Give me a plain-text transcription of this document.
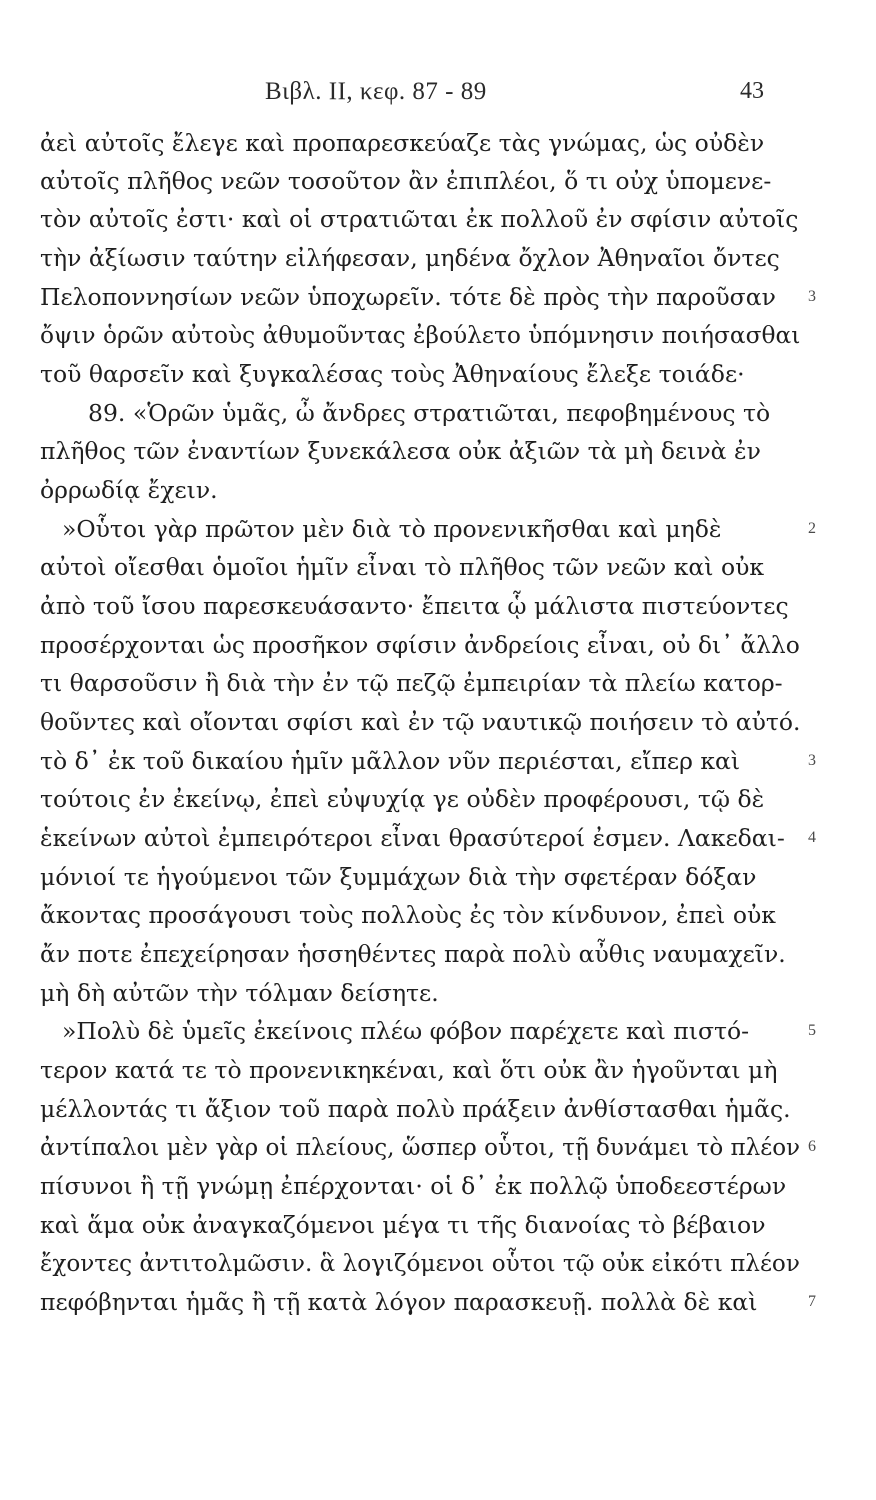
Βιβλ. ΙΙ, κεφ. 87 - 89	43
ἀεὶ αὐτοῖς ἔλεγε καὶ προπαρεσκεύαζε τὰς γνώμας, ὡς οὐδὲν
αὐτοῖς πλῆθος νεῶν τοσοῦτον ἂν ἐπιπλέοι, ὅ τι οὐχ ὑπομενε-
τὸν αὐτοῖς ἐστι· καὶ οἱ στρατιῶται ἐκ πολλοῦ ἐν σφίσιν αὐτοῖς
τὴν ἀξίωσιν ταύτην εἰλήφεσαν, μηδένα ὄχλον Ἀθηναῖοι ὄντες
Πελοποννησίων νεῶν ὑποχωρεῖν. τότε δὲ πρὸς τὴν παροῦσαν
ὄψιν ὁρῶν αὐτοὺς ἀθυμοῦντας ἐβούλετο ὑπόμνησιν ποιήσασθαι
τοῦ θαρσεῖν καὶ ξυγκαλέσας τοὺς Ἀθηναίους ἔλεξε τοιάδε·
89. «Ὁρῶν ὑμᾶς, ὦ ἄνδρες στρατιῶται, πεφοβημένους τὸ
πλῆθος τῶν ἐναντίων ξυνεκάλεσα οὐκ ἀξιῶν τὰ μὴ δεινὰ ἐν
ὀρρωδίᾳ ἔχειν.
»Οὗτοι γὰρ πρῶτον μὲν διὰ τὸ προνενικῆσθαι καὶ μηδὲ
αὐτοὶ οἴεσθαι ὁμοῖοι ἡμῖν εἶναι τὸ πλῆθος τῶν νεῶν καὶ οὐκ
ἀπὸ τοῦ ἴσου παρεσκευάσαντο· ἔπειτα ᾧ μάλιστα πιστεύοντες
προσέρχονται ὡς προσῆκον σφίσιν ἀνδρείοις εἶναι, οὐ δι᾽ ἄλλο
τι θαρσοῦσιν ἢ διὰ τὴν ἐν τῷ πεζῷ ἐμπειρίαν τὰ πλείω κατορ-
θοῦντες καὶ οἴονται σφίσι καὶ ἐν τῷ ναυτικῷ ποιήσειν τὸ αὐτό.
τὸ δ᾽ ἐκ τοῦ δικαίου ἡμῖν μᾶλλον νῦν περιέσται, εἴπερ καὶ
τούτοις ἐν ἐκείνῳ, ἐπεὶ εὐψυχίᾳ γε οὐδὲν προφέρουσι, τῷ δὲ
ἑκείνων αὐτοὶ ἐμπειρότεροι εἶναι θρασύτεροί ἐσμεν. Λακεδαι-
μόνιοί τε ἡγούμενοι τῶν ξυμμάχων διὰ τὴν σφετέραν δόξαν
ἄκοντας προσάγουσι τοὺς πολλοὺς ἐς τὸν κίνδυνον, ἐπεὶ οὐκ
ἄν ποτε ἐπεχείρησαν ἡσσηθέντες παρὰ πολὺ αὖθις ναυμαχεῖν.
μὴ δὴ αὐτῶν τὴν τόλμαν δείσητε.
»Πολὺ δὲ ὑμεῖς ἐκείνοις πλέω φόβον παρέχετε καὶ πιστό-
τερον κατά τε τὸ προνενικηκέναι, καὶ ὅτι οὐκ ἂν ἡγοῦνται μὴ
μέλλοντάς τι ἄξιον τοῦ παρὰ πολὺ πράξειν ἀνθίστασθαι ἡμᾶς.
ἀντίπαλοι μὲν γὰρ οἱ πλείους, ὥσπερ οὗτοι, τῇ δυνάμει τὸ πλέον
πίσυνοι ἢ τῇ γνώμῃ ἐπέρχονται· οἱ δ᾽ ἐκ πολλῷ ὑποδεεστέρων
καὶ ἅμα οὐκ ἀναγκαζόμενοι μέγα τι τῆς διανοίας τὸ βέβαιον
ἔχοντες ἀντιτολμῶσιν. ἃ λογιζόμενοι οὗτοι τῷ οὐκ εἰκότι πλέον
πεφόβηνται ἡμᾶς ἢ τῇ κατὰ λόγον παρασκευῇ. πολλὰ δὲ καὶ
3
2
3
4
5
6
7
